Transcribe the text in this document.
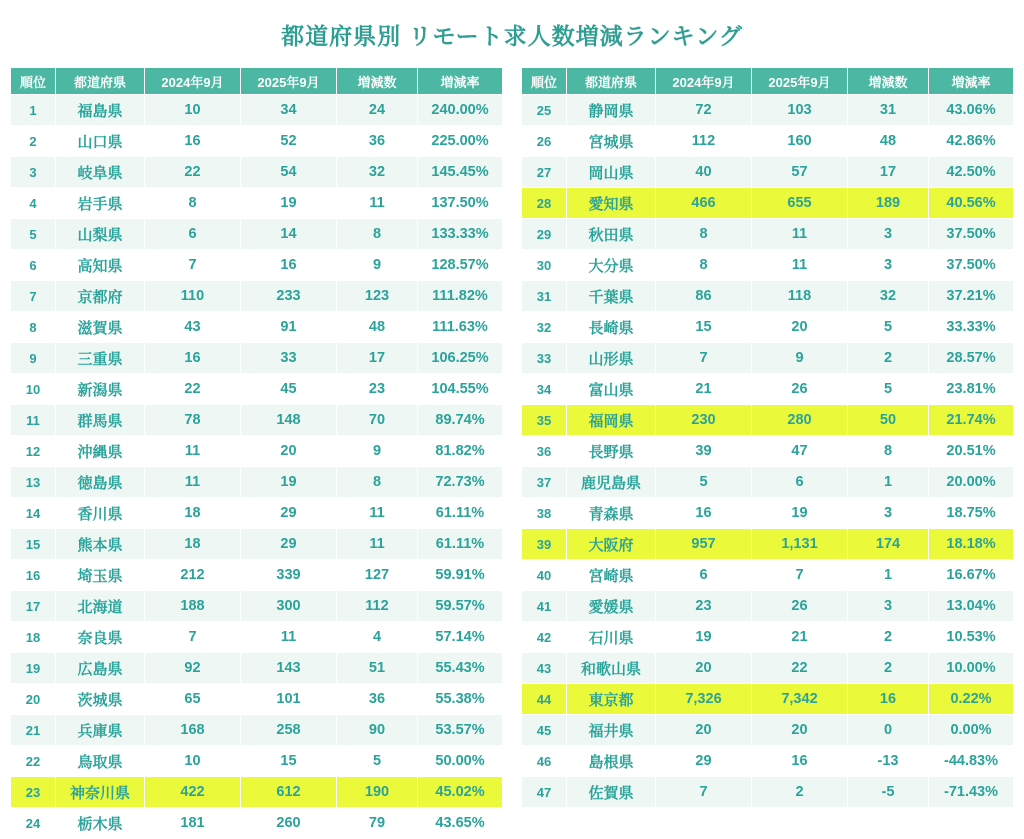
都道府県別 リモート求人数増減ランキング
順位	都道府県	2024年9月	2025年9月	増減数	増減率
1	福島県	10	34	24	240.00%
2	山口県	16	52	36	225.00%
3	岐阜県	22	54	32	145.45%
4	岩手県	8	19	11	137.50%
5	山梨県	6	14	8	133.33%
6	高知県	7	16	9	128.57%
7	京都府	110	233	123	111.82%
8	滋賀県	43	91	48	111.63%
9	三重県	16	33	17	106.25%
10	新潟県	22	45	23	104.55%
11	群馬県	78	148	70	89.74%
12	沖縄県	11	20	9	81.82%
13	徳島県	11	19	8	72.73%
14	香川県	18	29	11	61.11%
15	熊本県	18	29	11	61.11%
16	埼玉県	212	339	127	59.91%
17	北海道	188	300	112	59.57%
18	奈良県	7	11	4	57.14%
19	広島県	92	143	51	55.43%
20	茨城県	65	101	36	55.38%
21	兵庫県	168	258	90	53.57%
22	鳥取県	10	15	5	50.00%
23	神奈川県	422	612	190	45.02%
24	栃木県	181	260	79	43.65%
順位	都道府県	2024年9月	2025年9月	増減数	増減率
25	静岡県	72	103	31	43.06%
26	宮城県	112	160	48	42.86%
27	岡山県	40	57	17	42.50%
28	愛知県	466	655	189	40.56%
29	秋田県	8	11	3	37.50%
30	大分県	8	11	3	37.50%
31	千葉県	86	118	32	37.21%
32	長崎県	15	20	5	33.33%
33	山形県	7	9	2	28.57%
34	富山県	21	26	5	23.81%
35	福岡県	230	280	50	21.74%
36	長野県	39	47	8	20.51%
37	鹿児島県	5	6	1	20.00%
38	青森県	16	19	3	18.75%
39	大阪府	957	1,131	174	18.18%
40	宮崎県	6	7	1	16.67%
41	愛媛県	23	26	3	13.04%
42	石川県	19	21	2	10.53%
43	和歌山県	20	22	2	10.00%
44	東京都	7,326	7,342	16	0.22%
45	福井県	20	20	0	0.00%
46	島根県	29	16	-13	-44.83%
47	佐賀県	7	2	-5	-71.43%
